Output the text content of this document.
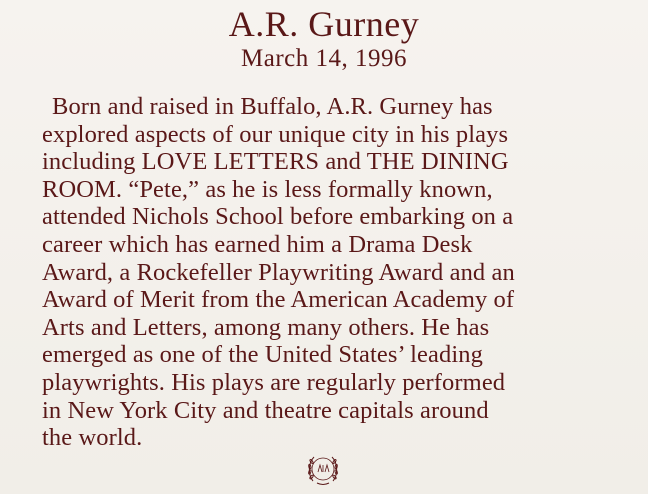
A.R. Gurney
March 14, 1996
Born and raised in Buffalo, A.R. Gurney has
explored aspects of our unique city in his plays
including LOVE LETTERS and THE DINING
ROOM. “Pete,” as he is less formally known,
attended Nichols School before embarking on a
career which has earned him a Drama Desk
Award, a Rockefeller Playwriting Award and an
Award of Merit from the American Academy of
Arts and Letters, among many others. He has
emerged as one of the United States’ leading
playwrights. His plays are regularly performed
in New York City and theatre capitals around
the world.
